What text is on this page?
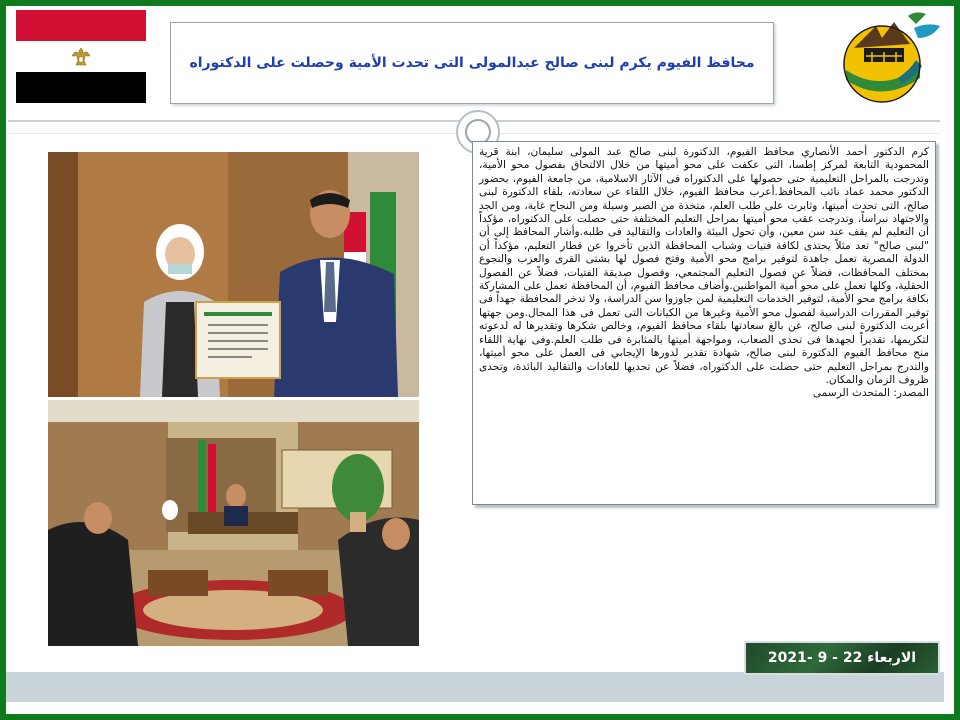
محافظ الفيوم يكرم لبنى صالح عبدالمولى التى تحدت الأمية وحصلت على الدكتوراه

كرم الدكتور أحمد الأنصاري محافظ الفيوم، الدكتورة لبنى صالح عبد المولى سليمان، ابنة قرية المحمودية التابعة لمركز إطسا، التى عكفت على محو أميتها من خلال الالتحاق بفصول محو الأمية، وتدرجت بالمراحل التعليمية حتى حصولها على الدكتوراه فى الآثار الاسلامية، من جامعة الفيوم، بحضور الدكتور محمد عماد نائب المحافظ.أعرب محافظ الفيوم، خلال اللقاء عن سعادته، بلقاء الدكتورة لبنى صالح، التى تحدت أميتها، وثابرت على طلب العلم، متخذة من الصبر وسيلة ومن النجاح غاية، ومن الجد والاجتهاد نبراساً، وتدرجت عقب محو أميتها بمراحل التعليم المختلفة حتى حصلت على الدكتوراه، مؤكداً أن التعليم لم يقف عند سن معين، وأن تحول البيئة والعادات والتقاليد فى طلبه.وأشار المحافظ إلى أن "لبنى صالح" تعد مثلاً يحتذى لكافة فتيات وشباب المحافظة الذين تأخروا عن قطار التعليم، مؤكداً أن الدولة المصرية تعمل جاهدة لتوفير برامج محو الأمية وفتح فصول لها بشتى القرى والعزب والنجوع بمختلف المحافظات، فضلاً عن فصول التعليم المجتمعي، وفصول صديقة الفتيات، فضلاً عن الفصول الحقلية، وكلها تعمل على محو أمية المواطنين.وأضاف محافظ الفيوم، أن المحافظة تعمل على المشاركة بكافة برامج محو الأمية، لتوفير الخدمات التعليمية لمن جاوزوا سن الدراسة، ولا تدخر المحافظة جهداً فى توفير المقررات الدراسية لفصول محو الأمية وغيرها من الكيانات التى تعمل فى هذا المجال.ومن جهتها أعربت الدكتورة لبنى صالح، عن بالغ سعادتها بلقاء محافظ الفيوم، وخالص شكرها وتقديرها له لدعوته لتكريمها، تقديراً لجهدها فى تحدى الصعاب، ومواجهة أميتها بالمثابرة فى طلب العلم.وفى نهاية اللقاء منح محافظ الفيوم الدكتورة لبنى صالح، شهادة تقدير لدورها الإيجابي فى العمل على محو أميتها، والتدرج بمراحل التعليم حتى حصلت على الدكتوراه، فضلاً عن تحديها للعادات والتقاليد البائدة، وتحدى ظروف الزمان والمكان.

المصدر: المتحدث الرسمى

الاربعاء 22 - 9 -2021
